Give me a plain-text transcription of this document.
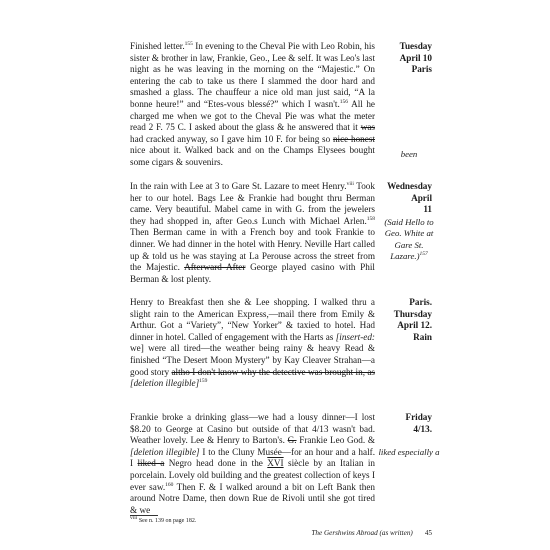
Finished letter.$^{155}$ In evening to the Cheval Pie with Leo Robin, his sister & brother in law, Frankie, Geo., Lee & self. It was Leo's last night as he was leaving in the morning on the “Majestic.” On entering the cab to take us there I slammed the door hard and smashed a glass. The chauffeur a nice old man just said, “A la bonne heure!” and “Etes-vous blessé?” which I wasn't.$^{156}$ All he charged me when we got to the Cheval Pie was what the meter read 2 F. 75 C. I asked about the glass & he answered that it was had cracked anyway, so I gave him 10 F. for being so nice honest nice about it. Walked back and on the Champs Elysees bought some cigars & souvenirs.
Tuesday
April 10
Paris
been
In the rain with Lee at 3 to Gare St. Lazare to meet Henry.$^{viii}$ Took her to our hotel. Bags Lee & Frankie had bought thru Berman came. Very beautiful. Mabel came in with G. from the jewelers they had shopped in, after Geo.s Lunch with Michael Arlen.$^{158}$ Then Berman came in with a French boy and took Frankie to dinner. We had dinner in the hotel with Henry. Neville Hart called up & told us he was staying at La Perouse across the street from the Majestic. Afterward After George played casino with Phil Berman & lost plenty.
Wednesday
April
11
(Said Hello to Geo. White at Gare St. Lazare.)$^{157}$
Henry to Breakfast then she & Lee shopping. I walked thru a slight rain to the American Express,—mail there from Emily & Arthur. Got a “Variety”, “New Yorker” & taxied to hotel. Had dinner in hotel. Called of engagement with the Harts as [insert-ed: we] were all tired—the weather being rainy & heavy Read & finished “The Desert Moon Mystery” by Kay Cleaver Strahan—a good story altho I don't know why the detective was brought in, as [deletion illegible]$^{159}$
Paris.
Thursday
April 12.
Rain
Frankie broke a drinking glass—we had a lousy dinner—I lost $8.20 to George at Casino but outside of that 4/13 wasn't bad. Weather lovely. Lee & Henry to Barton's. G. Frankie Leo God. & [deletion illegible] I to the Cluny Musée—for an hour and a half. I liked a Negro head done in the XVI siècle by an Italian in porcelain. Lovely old building and the greatest collection of keys I ever saw.$^{160}$ Then F. & I walked around a bit on Left Bank then around Notre Dame, then down Rue de Rivoli until she got tired & we
Friday
4/13.
liked especially a
$^{viii}$ See n. 139 on page 182.
The Gershwins Abroad (as written) 45
